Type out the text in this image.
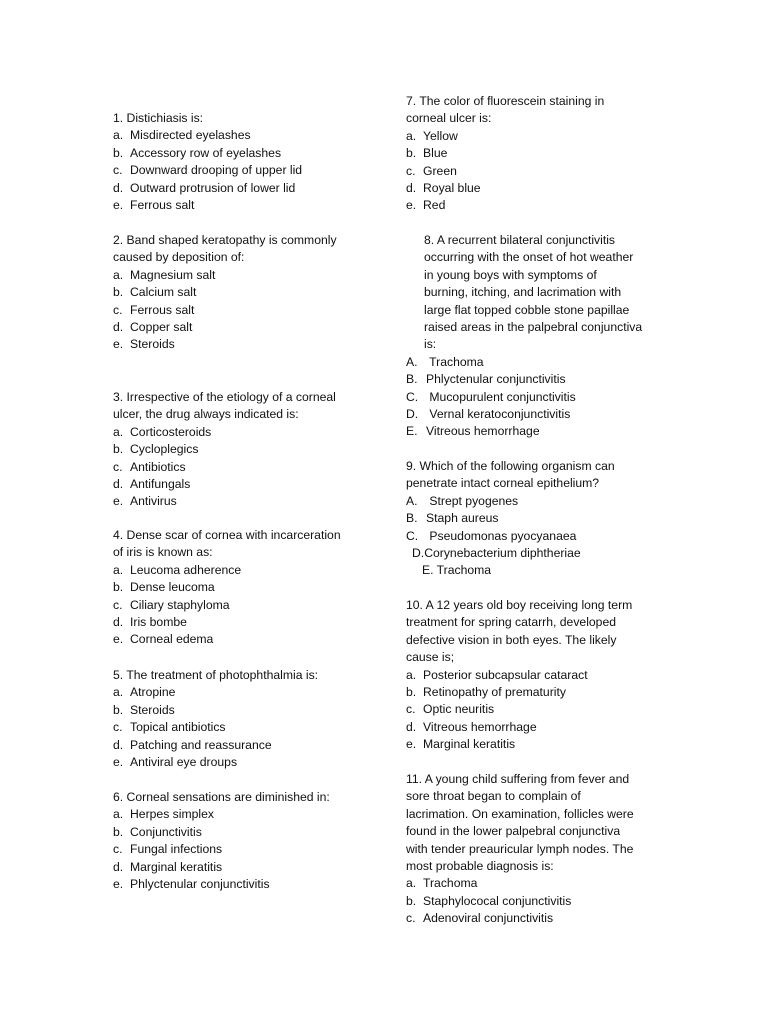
1. Distichiasis is:
a. Misdirected eyelashes
b. Accessory row of eyelashes
c. Downward drooping of upper lid
d. Outward protrusion of lower lid
e. Ferrous salt
2. Band shaped keratopathy is commonly
caused by deposition of:
a. Magnesium salt
b. Calcium salt
c. Ferrous salt
d. Copper salt
e. Steroids
3. Irrespective of the etiology of a corneal
ulcer, the drug always indicated is:
a. Corticosteroids
b. Cycloplegics
c. Antibiotics
d. Antifungals
e. Antivirus
4. Dense scar of cornea with incarceration
of iris is known as:
a. Leucoma adherence
b. Dense leucoma
c. Ciliary staphyloma
d. Iris bombe
e. Corneal edema
5. The treatment of photophthalmia is:
a. Atropine
b. Steroids
c. Topical antibiotics
d. Patching and reassurance
e. Antiviral eye droups
6. Corneal sensations are diminished in:
a. Herpes simplex
b. Conjunctivitis
c. Fungal infections
d. Marginal keratitis
e. Phlyctenular conjunctivitis
7. The color of fluorescein staining in
corneal ulcer is:
a. Yellow
b. Blue
c. Green
d. Royal blue
e. Red
8. A recurrent bilateral conjunctivitis
occurring with the onset of hot weather
in young boys with symptoms of
burning, itching, and lacrimation with
large flat topped cobble stone papillae
raised areas in the palpebral conjunctiva
is:
A. Trachoma
B. Phlyctenular conjunctivitis
C. Mucopurulent conjunctivitis
D. Vernal keratoconjunctivitis
E. Vitreous hemorrhage
9. Which of the following organism can
penetrate intact corneal epithelium?
A. Strept pyogenes
B. Staph aureus
C. Pseudomonas pyocyanaea
D.Corynebacterium diphtheriae
E. Trachoma
10. A 12 years old boy receiving long term
treatment for spring catarrh, developed
defective vision in both eyes. The likely
cause is;
a. Posterior subcapsular cataract
b. Retinopathy of prematurity
c. Optic neuritis
d. Vitreous hemorrhage
e. Marginal keratitis
11. A young child suffering from fever and
sore throat began to complain of
lacrimation. On examination, follicles were
found in the lower palpebral conjunctiva
with tender preauricular lymph nodes. The
most probable diagnosis is:
a. Trachoma
b. Staphylococal conjunctivitis
c. Adenoviral conjunctivitis
